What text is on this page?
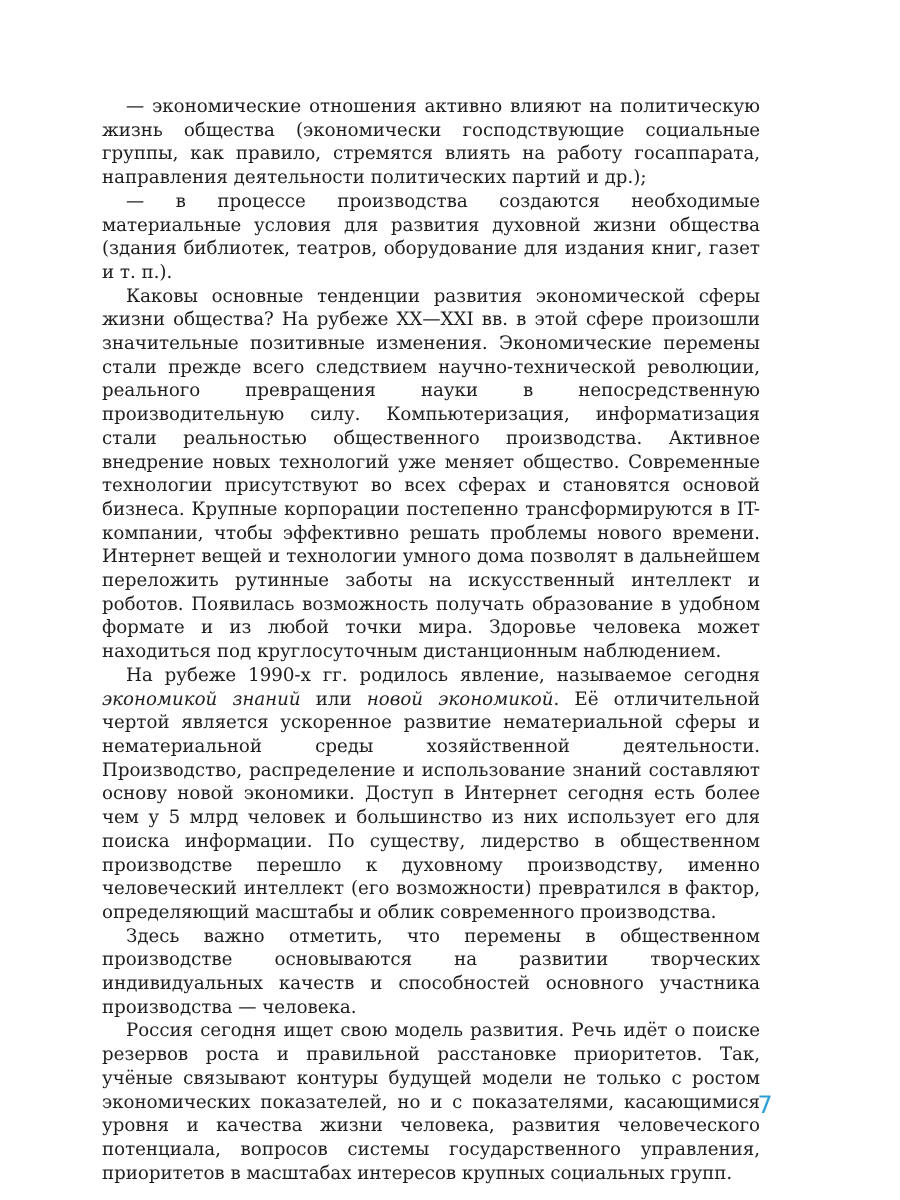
— экономические отношения активно влияют на политическую жизнь общества (экономически господствующие социальные группы, как правило, стремятся влиять на работу госаппарата, направления деятельности политических партий и др.);

— в процессе производства создаются необходимые материальные условия для развития духовной жизни общества (здания библиотек, театров, оборудование для издания книг, газет и т. п.).

Каковы основные тенденции развития экономической сферы жизни общества? На рубеже XX—XXI вв. в этой сфере произошли значительные позитивные изменения. Экономические перемены стали прежде всего следствием научно-технической революции, реального превращения науки в непосредственную производительную силу. Компьютеризация, информатизация стали реальностью общественного производства. Активное внедрение новых технологий уже меняет общество. Современные технологии присутствуют во всех сферах и становятся основой бизнеса. Крупные корпорации постепенно трансформируются в IT-компании, чтобы эффективно решать проблемы нового времени. Интернет вещей и технологии умного дома позволят в дальнейшем переложить рутинные заботы на искусственный интеллект и роботов. Появилась возможность получать образование в удобном формате и из любой точки мира. Здоровье человека может находиться под круглосуточным дистанционным наблюдением.

На рубеже 1990-х гг. родилось явление, называемое сегодня экономикой знаний или новой экономикой. Её отличительной чертой является ускоренное развитие нематериальной сферы и нематериальной среды хозяйственной деятельности. Производство, распределение и использование знаний составляют основу новой экономики. Доступ в Интернет сегодня есть более чем у 5 млрд человек и большинство из них использует его для поиска информации. По существу, лидерство в общественном производстве перешло к духовному производству, именно человеческий интеллект (его возможности) превратился в фактор, определяющий масштабы и облик современного производства.

Здесь важно отметить, что перемены в общественном производстве основываются на развитии творческих индивидуальных качеств и способностей основного участника производства — человека.

Россия сегодня ищет свою модель развития. Речь идёт о поиске резервов роста и правильной расстановке приоритетов. Так, учёные связывают контуры будущей модели не только с ростом экономических показателей, но и с показателями, касающимися уровня и качества жизни человека, развития человеческого потенциала, вопросов системы государственного управления, приоритетов в масштабах интересов крупных социальных групп.

7
